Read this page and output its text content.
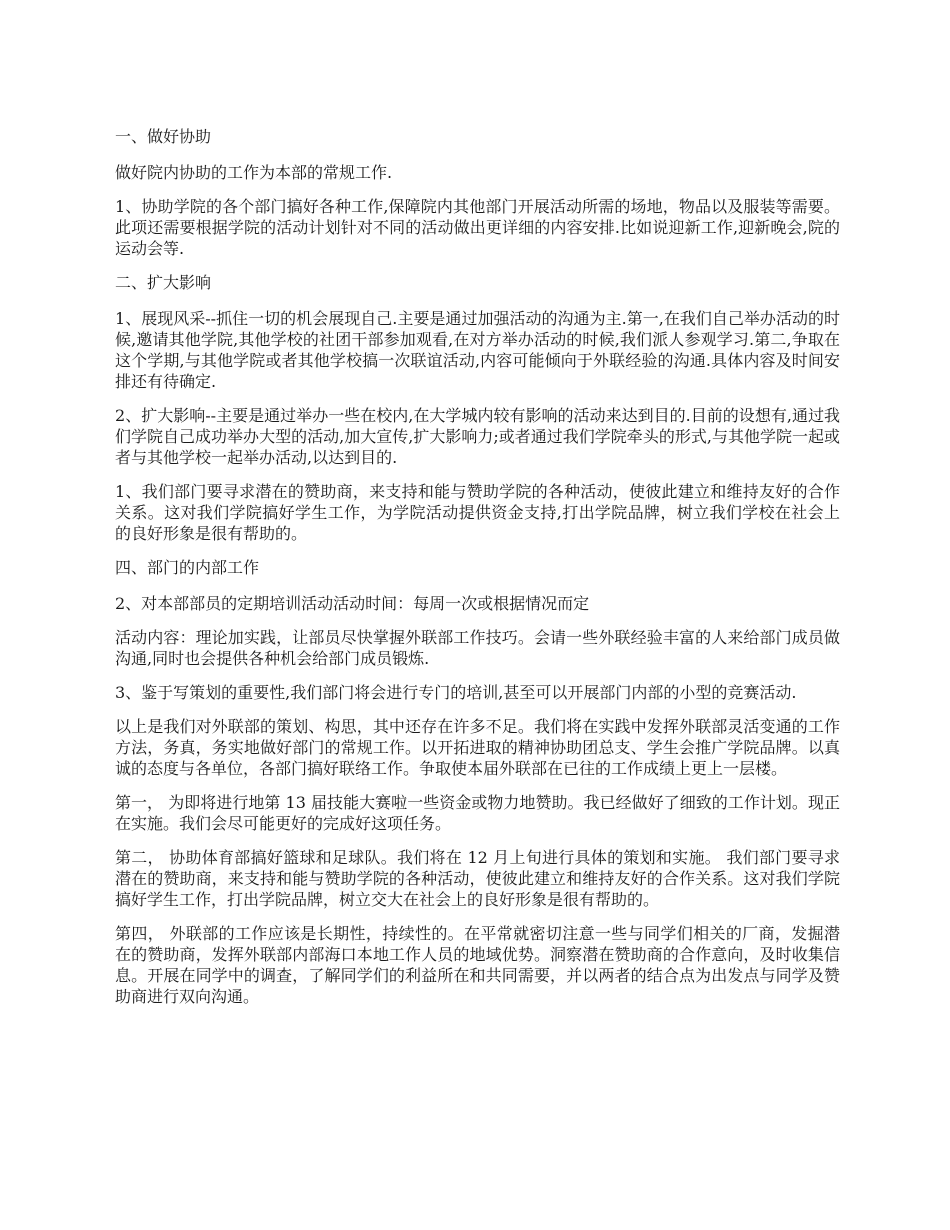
一、做好协助

做好院内协助的工作为本部的常规工作.

1、协助学院的各个部门搞好各种工作,保障院内其他部门开展活动所需的场地，物品以及服装等需要。此项还需要根据学院的活动计划针对不同的活动做出更详细的内容安排.比如说迎新工作,迎新晚会,院的运动会等.

二、扩大影响

1、展现风采--抓住一切的机会展现自己.主要是通过加强活动的沟通为主.第一,在我们自己举办活动的时候,邀请其他学院,其他学校的社团干部参加观看,在对方举办活动的时候,我们派人参观学习.第二,争取在这个学期,与其他学院或者其他学校搞一次联谊活动,内容可能倾向于外联经验的沟通.具体内容及时间安排还有待确定.

2、扩大影响--主要是通过举办一些在校内,在大学城内较有影响的活动来达到目的.目前的设想有,通过我们学院自己成功举办大型的活动,加大宣传,扩大影响力;或者通过我们学院牵头的形式,与其他学院一起或者与其他学校一起举办活动,以达到目的.

1、我们部门要寻求潜在的赞助商，来支持和能与赞助学院的各种活动，使彼此建立和维持友好的合作关系。这对我们学院搞好学生工作，为学院活动提供资金支持,打出学院品牌，树立我们学校在社会上的良好形象是很有帮助的。

四、部门的内部工作

2、对本部部员的定期培训活动活动时间：每周一次或根据情况而定

活动内容：理论加实践，让部员尽快掌握外联部工作技巧。会请一些外联经验丰富的人来给部门成员做沟通,同时也会提供各种机会给部门成员锻炼.

3、鉴于写策划的重要性,我们部门将会进行专门的培训,甚至可以开展部门内部的小型的竞赛活动.

以上是我们对外联部的策划、构思，其中还存在许多不足。我们将在实践中发挥外联部灵活变通的工作方法，务真，务实地做好部门的常规工作。以开拓进取的精神协助团总支、学生会推广学院品牌。以真诚的态度与各单位，各部门搞好联络工作。争取使本届外联部在已往的工作成绩上更上一层楼。

第一， 为即将进行地第 13 届技能大赛啦一些资金或物力地赞助。我已经做好了细致的工作计划。现正在实施。我们会尽可能更好的完成好这项任务。

第二， 协助体育部搞好篮球和足球队。我们将在 12 月上旬进行具体的策划和实施。 我们部门要寻求潜在的赞助商，来支持和能与赞助学院的各种活动，使彼此建立和维持友好的合作关系。这对我们学院搞好学生工作，打出学院品牌，树立交大在社会上的良好形象是很有帮助的。

第四， 外联部的工作应该是长期性，持续性的。在平常就密切注意一些与同学们相关的厂商，发掘潜在的赞助商，发挥外联部内部海口本地工作人员的地域优势。洞察潜在赞助商的合作意向，及时收集信息。开展在同学中的调查，了解同学们的利益所在和共同需要，并以两者的结合点为出发点与同学及赞助商进行双向沟通。
